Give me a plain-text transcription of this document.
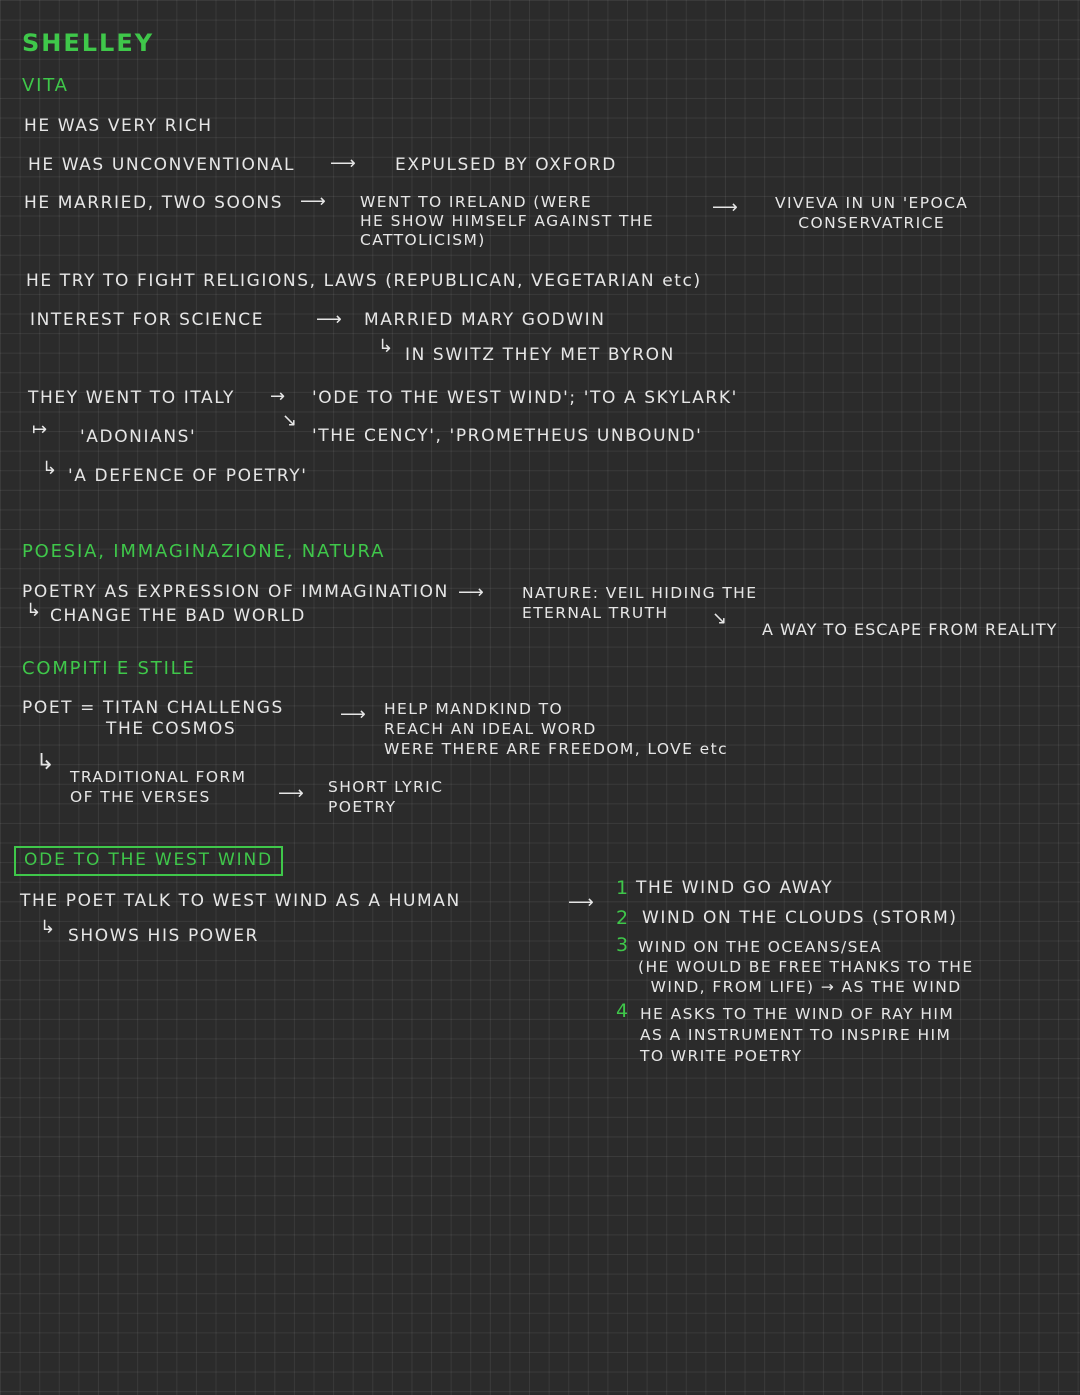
SHELLEY
VITA
HE WAS VERY RICH
HE WAS UNCONVENTIONAL ⟶ EXPULSED BY OXFORD
HE MARRIED, TWO SOONS ⟶ WENT TO IRELAND (WERE
HE SHOW HIMSELF AGAINST THE
CATTOLICISM)
⟶ VIVEVA IN UN 'EPOCA
CONSERVATRICE
HE TRY TO FIGHT RELIGIONS, LAWS (REPUBLICAN, VEGETARIAN etc)
INTEREST FOR SCIENCE	⟶ MARRIED MARY GODWIN
↳ IN SWITZ THEY MET BYRON
THEY WENT TO ITALY → 'ODE TO THE WEST WIND'; 'TO A SKYLARK'
↘
'THE CENCY', 'PROMETHEUS UNBOUND'
↦ 'ADONIANS'
↳ 'A DEFENCE OF POETRY'
POESIA, IMMAGINAZIONE, NATURA
POETRY AS EXPRESSION OF IMMAGINATION
↳ CHANGE THE BAD WORLD
⟶ NATURE: VEIL HIDING THE
ETERNAL TRUTH	↘
A WAY TO ESCAPE FROM REALITY
COMPITI E STILE
POET = TITAN CHALLENGS
THE COSMOS
⟶ HELP MANDKIND TO
REACH AN IDEAL WORD
WERE THERE ARE FREEDOM, LOVE etc
↳
TRADITIONAL FORM
OF THE VERSES	⟶ SHORT LYRIC
POETRY
ODE TO THE WEST WIND
THE POET TALK TO WEST WIND AS A HUMAN
↳ SHOWS HIS POWER
⟶
1 THE WIND GO AWAY
2 WIND ON THE CLOUDS (STORM)
3 WIND ON THE OCEANS/SEA
(HE WOULD BE FREE THANKS TO THE
WIND, FROM LIFE) → AS THE WIND
4 HE ASKS TO THE WIND OF RAY HIM
AS A INSTRUMENT TO INSPIRE HIM
TO WRITE POETRY
